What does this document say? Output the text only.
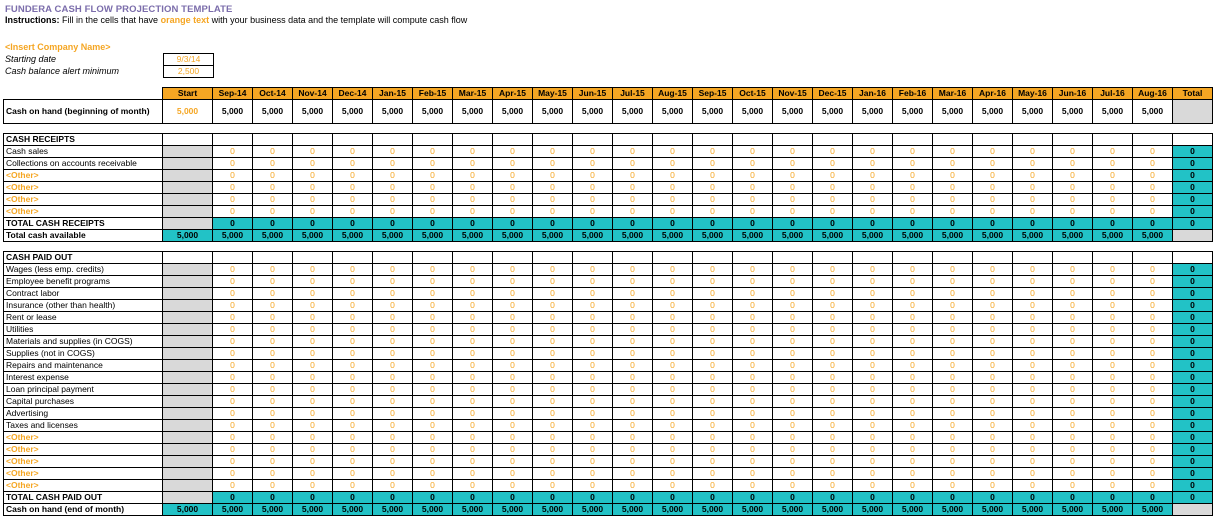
FUNDERA CASH FLOW PROJECTION TEMPLATE
Instructions: Fill in the cells that have orange text with your business data and the template will compute cash flow
<Insert Company Name>
Starting date	9/3/14
Cash balance alert minimum	2,500
	Start	Sep-14	Oct-14	Nov-14	Dec-14	Jan-15	Feb-15	Mar-15	Apr-15	May-15	Jun-15	Jul-15	Aug-15	Sep-15	Oct-15	Nov-15	Dec-15	Jan-16	Feb-16	Mar-16	Apr-16	May-16	Jun-16	Jul-16	Aug-16	Total
Cash on hand (beginning of month)	5,000	5,000	5,000	5,000	5,000	5,000	5,000	5,000	5,000	5,000	5,000	5,000	5,000	5,000	5,000	5,000	5,000	5,000	5,000	5,000	5,000	5,000	5,000	5,000	5,000	

CASH RECEIPTS																										
Cash sales		0	0	0	0	0	0	0	0	0	0	0	0	0	0	0	0	0	0	0	0	0	0	0	0	0
Collections on accounts receivable		0	0	0	0	0	0	0	0	0	0	0	0	0	0	0	0	0	0	0	0	0	0	0	0	0
<Other>		0	0	0	0	0	0	0	0	0	0	0	0	0	0	0	0	0	0	0	0	0	0	0	0	0
<Other>		0	0	0	0	0	0	0	0	0	0	0	0	0	0	0	0	0	0	0	0	0	0	0	0	0
<Other>		0	0	0	0	0	0	0	0	0	0	0	0	0	0	0	0	0	0	0	0	0	0	0	0	0
<Other>		0	0	0	0	0	0	0	0	0	0	0	0	0	0	0	0	0	0	0	0	0	0	0	0	0
TOTAL CASH RECEIPTS		0	0	0	0	0	0	0	0	0	0	0	0	0	0	0	0	0	0	0	0	0	0	0	0	0
Total cash available	5,000	5,000	5,000	5,000	5,000	5,000	5,000	5,000	5,000	5,000	5,000	5,000	5,000	5,000	5,000	5,000	5,000	5,000	5,000	5,000	5,000	5,000	5,000	5,000	5,000	

CASH PAID OUT																										
Wages (less emp. credits)		0	0	0	0	0	0	0	0	0	0	0	0	0	0	0	0	0	0	0	0	0	0	0	0	0
Employee benefit programs		0	0	0	0	0	0	0	0	0	0	0	0	0	0	0	0	0	0	0	0	0	0	0	0	0
Contract labor		0	0	0	0	0	0	0	0	0	0	0	0	0	0	0	0	0	0	0	0	0	0	0	0	0
Insurance (other than health)		0	0	0	0	0	0	0	0	0	0	0	0	0	0	0	0	0	0	0	0	0	0	0	0	0
Rent or lease		0	0	0	0	0	0	0	0	0	0	0	0	0	0	0	0	0	0	0	0	0	0	0	0	0
Utilities		0	0	0	0	0	0	0	0	0	0	0	0	0	0	0	0	0	0	0	0	0	0	0	0	0
Materials and supplies (in COGS)		0	0	0	0	0	0	0	0	0	0	0	0	0	0	0	0	0	0	0	0	0	0	0	0	0
Supplies (not in COGS)		0	0	0	0	0	0	0	0	0	0	0	0	0	0	0	0	0	0	0	0	0	0	0	0	0
Repairs and maintenance		0	0	0	0	0	0	0	0	0	0	0	0	0	0	0	0	0	0	0	0	0	0	0	0	0
Interest expense		0	0	0	0	0	0	0	0	0	0	0	0	0	0	0	0	0	0	0	0	0	0	0	0	0
Loan principal payment		0	0	0	0	0	0	0	0	0	0	0	0	0	0	0	0	0	0	0	0	0	0	0	0	0
Capital purchases		0	0	0	0	0	0	0	0	0	0	0	0	0	0	0	0	0	0	0	0	0	0	0	0	0
Advertising		0	0	0	0	0	0	0	0	0	0	0	0	0	0	0	0	0	0	0	0	0	0	0	0	0
Taxes and licenses		0	0	0	0	0	0	0	0	0	0	0	0	0	0	0	0	0	0	0	0	0	0	0	0	0
<Other>		0	0	0	0	0	0	0	0	0	0	0	0	0	0	0	0	0	0	0	0	0	0	0	0	0
<Other>		0	0	0	0	0	0	0	0	0	0	0	0	0	0	0	0	0	0	0	0	0	0	0	0	0
<Other>		0	0	0	0	0	0	0	0	0	0	0	0	0	0	0	0	0	0	0	0	0	0	0	0	0
<Other>		0	0	0	0	0	0	0	0	0	0	0	0	0	0	0	0	0	0	0	0	0	0	0	0	0
<Other>		0	0	0	0	0	0	0	0	0	0	0	0	0	0	0	0	0	0	0	0	0	0	0	0	0
TOTAL CASH PAID OUT		0	0	0	0	0	0	0	0	0	0	0	0	0	0	0	0	0	0	0	0	0	0	0	0	0
Cash on hand (end of month)	5,000	5,000	5,000	5,000	5,000	5,000	5,000	5,000	5,000	5,000	5,000	5,000	5,000	5,000	5,000	5,000	5,000	5,000	5,000	5,000	5,000	5,000	5,000	5,000	5,000	
